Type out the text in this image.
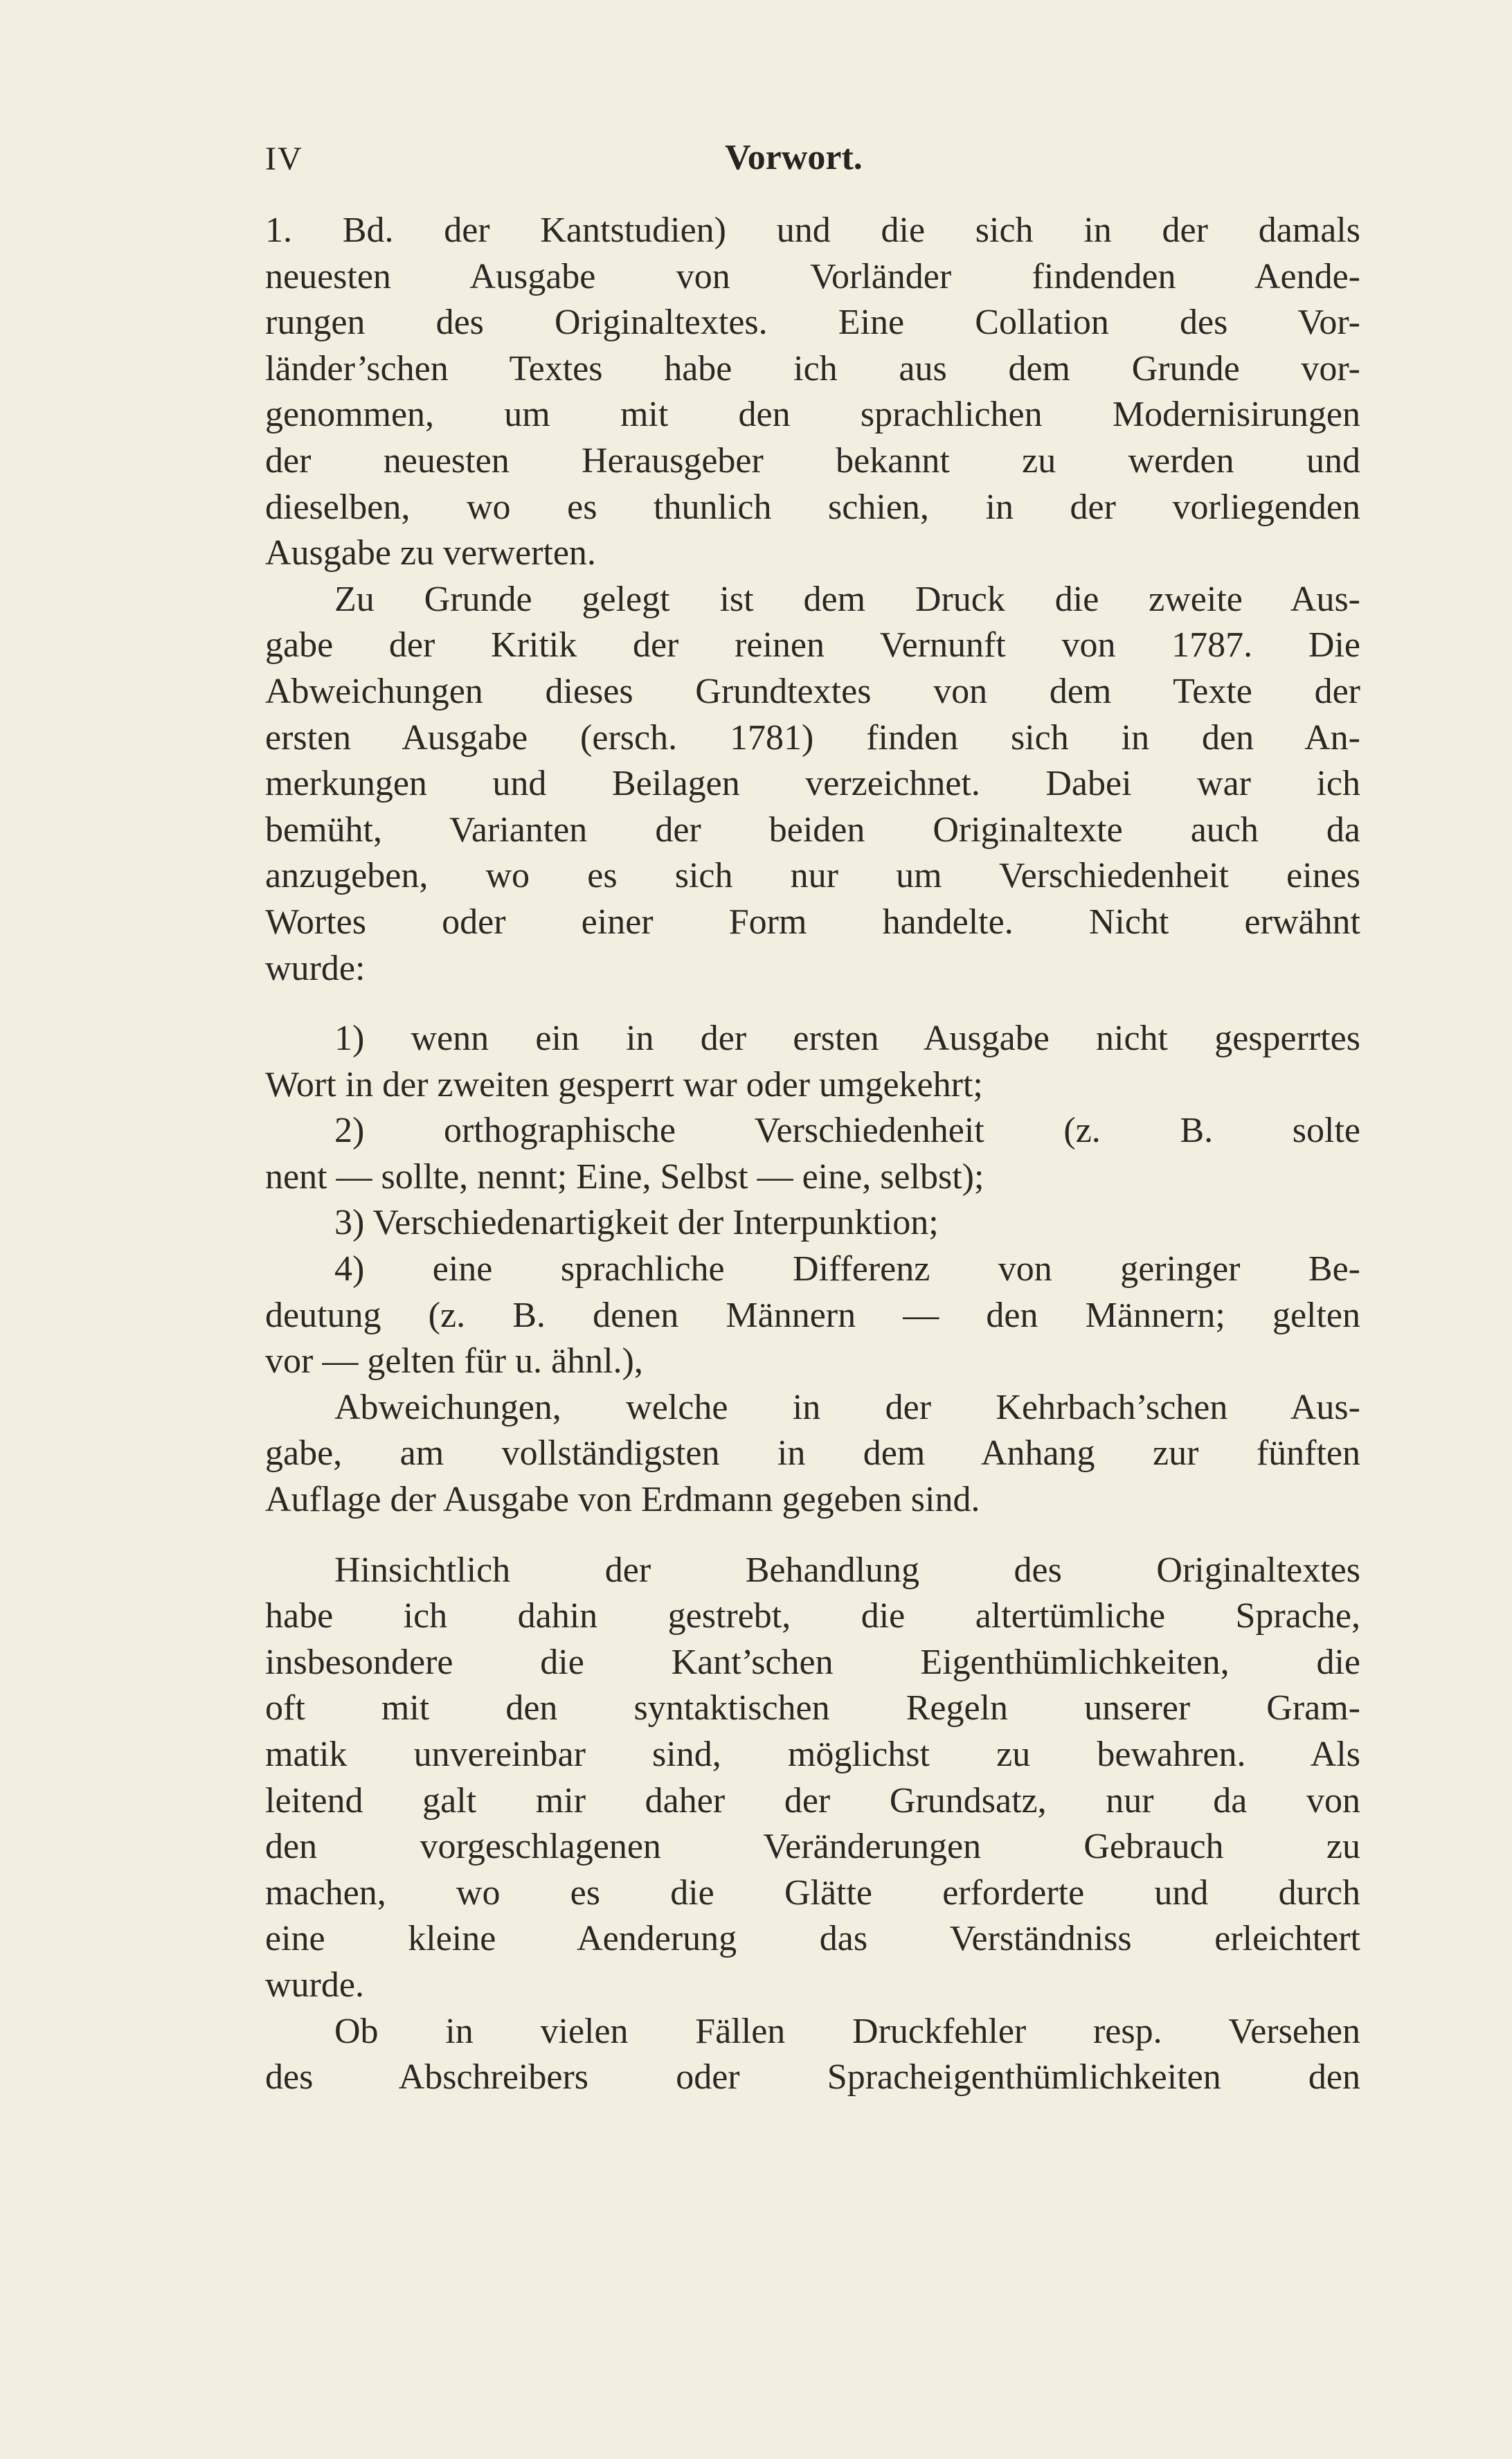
IV	Vorwort.
1. Bd. der Kantstudien) und die sich in der damals
neuesten Ausgabe von Vorländer findenden Aende-
rungen des Originaltextes. Eine Collation des Vor-
länder’schen Textes habe ich aus dem Grunde vor-
genommen, um mit den sprachlichen Modernisirungen
der neuesten Herausgeber bekannt zu werden und
dieselben, wo es thunlich schien, in der vorliegenden
Ausgabe zu verwerten.
Zu Grunde gelegt ist dem Druck die zweite Aus-
gabe der Kritik der reinen Vernunft von 1787. Die
Abweichungen dieses Grundtextes von dem Texte der
ersten Ausgabe (ersch. 1781) finden sich in den An-
merkungen und Beilagen verzeichnet. Dabei war ich
bemüht, Varianten der beiden Originaltexte auch da
anzugeben, wo es sich nur um Verschiedenheit eines
Wortes oder einer Form handelte. Nicht erwähnt
wurde:
1) wenn ein in der ersten Ausgabe nicht gesperrtes
Wort in der zweiten gesperrt war oder umgekehrt;
2) orthographische Verschiedenheit (z. B. solte
nent — sollte, nennt; Eine, Selbst — eine, selbst);
3) Verschiedenartigkeit der Interpunktion;
4) eine sprachliche Differenz von geringer Be-
deutung (z. B. denen Männern — den Männern; gelten
vor — gelten für u. ähnl.),
Abweichungen, welche in der Kehrbach’schen Aus-
gabe, am vollständigsten in dem Anhang zur fünften
Auflage der Ausgabe von Erdmann gegeben sind.
Hinsichtlich der Behandlung des Originaltextes
habe ich dahin gestrebt, die altertümliche Sprache,
insbesondere die Kant’schen Eigenthümlichkeiten, die
oft mit den syntaktischen Regeln unserer Gram-
matik unvereinbar sind, möglichst zu bewahren. Als
leitend galt mir daher der Grundsatz, nur da von
den vorgeschlagenen Veränderungen Gebrauch zu
machen, wo es die Glätte erforderte und durch
eine kleine Aenderung das Verständniss erleichtert
wurde.
Ob in vielen Fällen Druckfehler resp. Versehen
des Abschreibers oder Spracheigenthümlichkeiten den
